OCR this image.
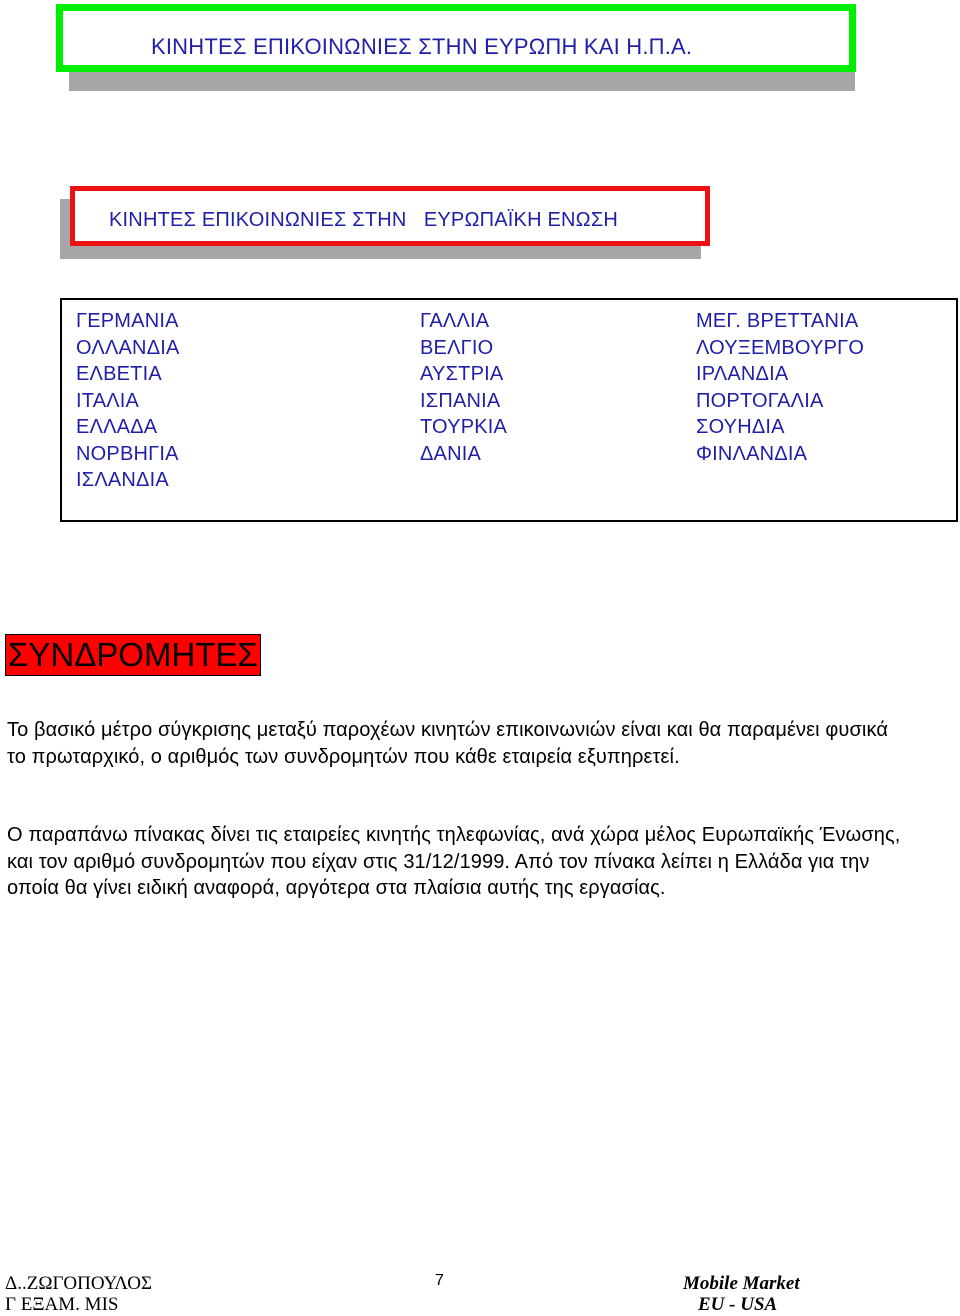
ΚΙΝΗΤΕΣ ΕΠΙΚΟΙΝΩΝΙΕΣ ΣΤΗΝ ΕΥΡΩΠΗ ΚΑΙ Η.Π.Α.
ΚΙΝΗΤΕΣ ΕΠΙΚΟΙΝΩΝΙΕΣ ΣΤΗΝ   ΕΥΡΩΠΑΪΚΗ ΕΝΩΣΗ
ΓΕΡΜΑΝΙΑ
ΟΛΛΑΝΔΙΑ
ΕΛΒΕΤΙΑ
ΙΤΑΛΙΑ
ΕΛΛΑΔΑ
ΝΟΡΒΗΓΙΑ
ΙΣΛΑΝΔΙΑ
ΓΑΛΛΙΑ
ΒΕΛΓΙΟ
ΑΥΣΤΡΙΑ
ΙΣΠΑΝΙΑ
ΤΟΥΡΚΙΑ
ΔΑΝΙΑ
ΜΕΓ. ΒΡΕΤΤΑΝΙΑ
ΛΟΥΞΕΜΒΟΥΡΓΟ
ΙΡΛΑΝΔΙΑ
ΠΟΡΤΟΓΑΛΙΑ
ΣΟΥΗΔΙΑ
ΦΙΝΛΑΝΔΙΑ
ΣΥΝΔΡΟΜΗΤΕΣ
Το βασικό μέτρο σύγκρισης μεταξύ παροχέων κινητών επικοινωνιών είναι και θα παραμένει φυσικά το πρωταρχικό, ο αριθμός των συνδρομητών που κάθε εταιρεία εξυπηρετεί.
Ο παραπάνω πίνακας δίνει τις εταιρείες κινητής τηλεφωνίας, ανά χώρα μέλος Ευρωπαϊκής Ένωσης, και τον αριθμό συνδρομητών που είχαν στις 31/12/1999. Από τον πίνακα λείπει η Ελλάδα για την οποία θα γίνει ειδική αναφορά, αργότερα στα πλαίσια αυτής της εργασίας.
Δ..ΖΩΓΟΠΟΥΛΟΣ
Γ ΕΞΑΜ. MIS
7	Mobile Market
EU - USA
